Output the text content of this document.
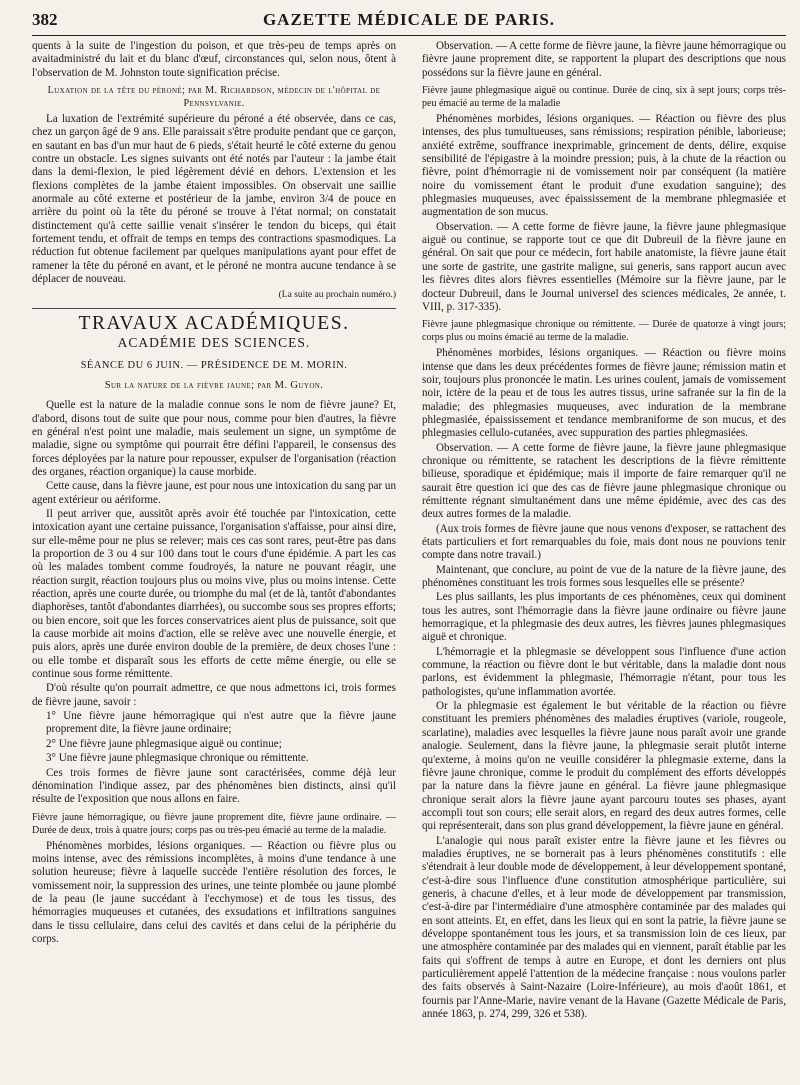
382	GAZETTE MÉDICALE DE PARIS.

quents à la suite de l'ingestion du poison, et que très-peu de temps après on avaitadministré du lait et du blanc d'œuf, circonstances qui, selon nous, ôtent à l'observation de M. Johnston toute signification précise.

Luxation de la tête du péroné; par M. Richardson, médecin de l'hôpital de Pennsylvanie.

La luxation de l'extrémité supérieure du péroné a été observée, dans ce cas, chez un garçon âgé de 9 ans. Elle paraissait s'être produite pendant que ce garçon, en sautant en bas d'un mur haut de 6 pieds, s'était heurté le côté externe du genou contre un obstacle. Les signes suivants ont été notés par l'auteur : la jambe était dans la demi-flexion, le pied légèrement dévié en dehors. L'extension et les flexions complètes de la jambe étaient impossibles. On observait une saillie anormale au côté externe et postérieur de la jambe, environ 3/4 de pouce en arrière du point où la tête du péroné se trouve à l'état normal; on constatait distinctement qu'à cette saillie venait s'insérer le tendon du biceps, qui était fortement tendu, et offrait de temps en temps des contractions spasmodiques. La réduction fut obtenue facilement par quelques manipulations ayant pour effet de ramener la tête du péroné en avant, et le péroné ne montra aucune tendance à se déplacer de nouveau.

(La suite au prochain numéro.)

TRAVAUX ACADÉMIQUES.
ACADÉMIE DES SCIENCES.
SÉANCE DU 6 JUIN. — PRÉSIDENCE DE M. MORIN.
Sur la nature de la fièvre jaune; par M. Guyon.

Quelle est la nature de la maladie connue sons le nom de fièvre jaune? Et, d'abord, disons tout de suite que pour nous, comme pour bien d'autres, la fièvre en général n'est point une maladie, mais seulement un signe, un symptôme de maladie, signe ou symptôme qui pourrait être défini l'appareil, le consensus des forces déployées par la nature pour repousser, expulser de l'organisation (réaction des organes, réaction organique) la cause morbide.

Cette cause, dans la fièvre jaune, est pour nous une intoxication du sang par un agent extérieur ou aériforme.

Il peut arriver que, aussitôt après avoir été touchée par l'intoxication, cette intoxication ayant une certaine puissance, l'organisation s'affaisse, pour ainsi dire, sur elle-même pour ne plus se relever; mais ces cas sont rares, peut-être pas dans la proportion de 3 ou 4 sur 100 dans tout le cours d'une épidémie. A part les cas où les malades tombent comme foudroyés, la nature ne pouvant réagir, une réaction surgit, réaction toujours plus ou moins vive, plus ou moins intense. Cette réaction, après une courte durée, ou triomphe du mal (et de là, tantôt d'abondantes diaphorèses, tantôt d'abondantes diarrhées), ou succombe sous ses propres efforts; ou bien encore, soit que les forces conservatrices aient plus de puissance, soit que la cause morbide ait moins d'action, elle se relève avec une nouvelle énergie, et puis alors, après une durée environ double de la première, de deux choses l'une : ou elle tombe et disparaît sous les efforts de cette même énergie, ou elle se continue sous forme rémittente.

D'où résulte qu'on pourrait admettre, ce que nous admettons ici, trois formes de fièvre jaune, savoir :

1° Une fièvre jaune hémorragique qui n'est autre que la fièvre jaune proprement dite, la fièvre jaune ordinaire;

2° Une fièvre jaune phlegmasique aiguë ou continue;

3° Une fièvre jaune phlegmasique chronique ou rémittente.

Ces trois formes de fièvre jaune sont caractérisées, comme déjà leur dénomination l'indique assez, par des phénomènes bien distincts, ainsi qu'il résulte de l'exposition que nous allons en faire.

Fièvre jaune hémorragique, ou fièvre jaune proprement dite, fièvre jaune ordinaire. — Durée de deux, trois à quatre jours; corps pas ou très-peu émacié au terme de la maladie.

Phénomènes morbides, lésions organiques. — Réaction ou fièvre plus ou moins intense, avec des rémissions incomplètes, à moins d'une tendance à une solution heureuse; fièvre à laquelle succède l'entière résolution des forces, le vomissement noir, la suppression des urines, une teinte plombée ou jaune plombé de la peau (le jaune succédant à l'ecchymose) et de tous les tissus, des hémorragies muqueuses et cutanées, des exsudations et infiltrations sanguines dans le tissu cellulaire, dans celui des cavités et dans celui de la périphérie du corps.

Observation. — A cette forme de fièvre jaune, la fièvre jaune hémorragique ou fièvre jaune proprement dite, se rapportent la plupart des descriptions que nous possédons sur la fièvre jaune en général.

Fièvre jaune phlegmasique aiguë ou continue. Durée de cinq, six à sept jours; corps très-peu émacié au terme de la maladie

Phénomènes morbides, lésions organiques. — Réaction ou fièvre des plus intenses, des plus tumultueuses, sans rémissions; respiration pénible, laborieuse; anxiété extrême, souffrance inexprimable, grincement de dents, délire, exquise sensibilité de l'épigastre à la moindre pression; puis, à la chute de la réaction ou fièvre, point d'hémorragie ni de vomissement noir par conséquent (la matière noire du vomissement étant le produit d'une exudation sanguine); des phlegmasies muqueuses, avec épaississement de la membrane phlegmasiée et augmentation de son mucus.

Observation. — A cette forme de fièvre jaune, la fièvre jaune phlegmasique aiguë ou continue, se rapporte tout ce que dit Dubreuil de la fièvre jaune en général. On sait que pour ce médecin, fort habile anatomiste, la fièvre jaune était une sorte de gastrite, une gastrite maligne, sui generis, sans rapport aucun avec les fièvres dites alors fièvres essentielles (Mémoire sur la fièvre jaune, par le docteur Dubreuil, dans le Journal universel des sciences médicales, 2e année, t. VIII, p. 317-335).

Fièvre jaune phlegmasique chronique ou rémittente. — Durée de quatorze à vingt jours; corps plus ou moins émacié au terme de la maladie.

Phénomènes morbides, lésions organiques. — Réaction ou fièvre moins intense que dans les deux précédentes formes de fièvre jaune; rémission matin et soir, toujours plus prononcée le matin. Les urines coulent, jamais de vomissement noir, ictère de la peau et de tous les autres tissus, urine safranée sur la fin de la maladie; des phlegmasies muqueuses, avec induration de la membrane phlegmasiée, épaississement et tendance membraniforme de son mucus, et des phlegmasies cellulo-cutanées, avec suppuration des parties phlegmasiées.

Observation. — A cette forme de fièvre jaune, la fièvre jaune phlegmasique chronique ou rémittente, se ratachent les descriptions de la fièvre rémittente bilieuse, sporadique et épidémique; mais il importe de faire remarquer qu'il ne saurait être question ici que des cas de fièvre jaune phlegmasique chronique ou rémittente régnant simultanément dans une même épidémie, avec des cas des deux autres formes de la maladie.

(Aux trois formes de fièvre jaune que nous venons d'exposer, se rattachent des états particuliers et fort remarquables du foie, mais dont nous ne pouvions tenir compte dans notre travail.)

Maintenant, que conclure, au point de vue de la nature de la fièvre jaune, des phénomènes constituant les trois formes sous lesquelles elle se présente?

Les plus saillants, les plus importants de ces phénomènes, ceux qui dominent tous les autres, sont l'hémorragie dans la fièvre jaune ordinaire ou fièvre jaune hemorragique, et la phlegmasie des deux autres, les fièvres jaunes phlegmasiques aiguë et chronique.

L'hémorragie et la phlegmasie se développent sous l'influence d'une action commune, la réaction ou fièvre dont le but véritable, dans la maladie dont nous parlons, est évidemment la phlegmasie, l'hémorragie n'étant, pour tous les pathologistes, qu'une inflammation avortée.

Or la phlegmasie est également le but véritable de la réaction ou fièvre constituant les premiers phénomènes des maladies éruptives (variole, rougeole, scarlatine), maladies avec lesquelles la fièvre jaune nous paraît avoir une grande analogie. Seulement, dans la fièvre jaune, la phlegmasie serait plutôt interne qu'externe, à moins qu'on ne veuille considérer la phlegmasie externe, dans la fièvre jaune chronique, comme le produit du complément des efforts développés par la nature dans la fièvre jaune en général. La fièvre jaune phlegmasique chronique serait alors la fièvre jaune ayant parcouru toutes ses phases, ayant accompli tout son cours; elle serait alors, en regard des deux autres formes, celle qui représenterait, dans son plus grand développement, la fièvre jaune en général.

L'analogie qui nous paraît exister entre la fièvre jaune et les fièvres ou maladies éruptives, ne se bornerait pas à leurs phénomènes constitutifs : elle s'étendrait à leur double mode de développement, à leur développement spontané, c'est-à-dire sous l'influence d'une constitution atmosphérique particulière, sui generis, à chacune d'elles, et à leur mode de développement par transmission, c'est-à-dire par l'intermédiaire d'une atmosphère contaminée par des malades qui en sont atteints. Et, en effet, dans les lieux qui en sont la patrie, la fièvre jaune se développe spontanément tous les jours, et sa transmission loin de ces lieux, par une atmosphère contaminée par des malades qui en viennent, paraît établie par les faits qui s'offrent de temps à autre en Europe, et dont les derniers ont plus particulièrement appelé l'attention de la médecine française : nous voulons parler des faits observés à Saint-Nazaire (Loire-Inférieure), au mois d'août 1861, et fournis par l'Anne-Marie, navire venant de la Havane (Gazette Médicale de Paris, année 1863, p. 274, 299, 326 et 538).
